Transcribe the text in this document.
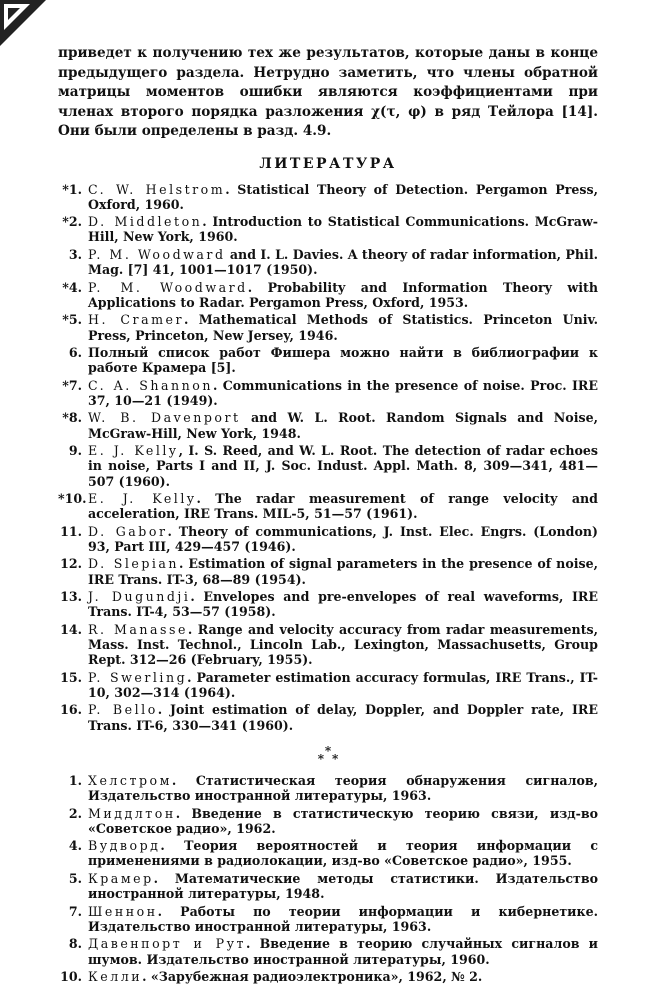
приведет к получению тех же результатов, которые даны в конце предыдущего раздела. Нетрудно заметить, что члены обратной матрицы моментов ошибки являются коэффициентами при членах второго порядка разложения χ(τ, φ) в ряд Тейлора [14]. Они были определены в разд. 4.9.

ЛИТЕРАТУРА
*1. C. W. Helstrom. Statistical Theory of Detection. Pergamon Press, Oxford, 1960.
*2. D. Middleton. Introduction to Statistical Communications. McGraw-Hill, New York, 1960.
3. P. M. Woodward and I. L. Davies. A theory of radar information, Phil. Mag. [7] 41, 1001—1017 (1950).
*4. P. M. Woodward. Probability and Information Theory with Applications to Radar. Pergamon Press, Oxford, 1953.
*5. H. Cramer. Mathematical Methods of Statistics. Princeton Univ. Press, Princeton, New Jersey, 1946.
6. Полный список работ Фишера можно найти в библиографии к работе Крамера [5].
*7. C. A. Shannon. Communications in the presence of noise. Proc. IRE 37, 10—21 (1949).
*8. W. B. Davenport and W. L. Root. Random Signals and Noise, McGraw-Hill, New York, 1948.
9. E. J. Kelly, I. S. Reed, and W. L. Root. The detection of radar echoes in noise, Parts I and II, J. Soc. Indust. Appl. Math. 8, 309—341, 481—507 (1960).
*10. E. J. Kelly. The radar measurement of range velocity and acceleration, IRE Trans. MIL-5, 51—57 (1961).
11. D. Gabor. Theory of communications, J. Inst. Elec. Engrs. (London) 93, Part III, 429—457 (1946).
12. D. Slepian. Estimation of signal parameters in the presence of noise, IRE Trans. IT-3, 68—89 (1954).
13. J. Dugundji. Envelopes and pre-envelopes of real waveforms, IRE Trans. IT-4, 53—57 (1958).
14. R. Manasse. Range and velocity accuracy from radar measurements, Mass. Inst. Technol., Lincoln Lab., Lexington, Massachusetts, Group Rept. 312—26 (February, 1955).
15. P. Swerling. Parameter estimation accuracy formulas, IRE Trans., IT-10, 302—314 (1964).
16. P. Bello. Joint estimation of delay, Doppler, and Doppler rate, IRE Trans. IT-6, 330—341 (1960).
*
* *
1. Хелстром. Статистическая теория обнаружения сигналов, Издательство иностранной литературы, 1963.
2. Миддлтон. Введение в статистическую теорию связи, изд-во «Советское радио», 1962.
4. Вудворд. Теория вероятностей и теория информации с применениями в радиолокации, изд-во «Советское радио», 1955.
5. Крамер. Математические методы статистики. Издательство иностранной литературы, 1948.
7. Шеннон. Работы по теории информации и кибернетике. Издательство иностранной литературы, 1963.
8. Давенпорт и Рут. Введение в теорию случайных сигналов и шумов. Издательство иностранной литературы, 1960.
10. Келли. «Зарубежная радиоэлектроника», 1962, № 2.
